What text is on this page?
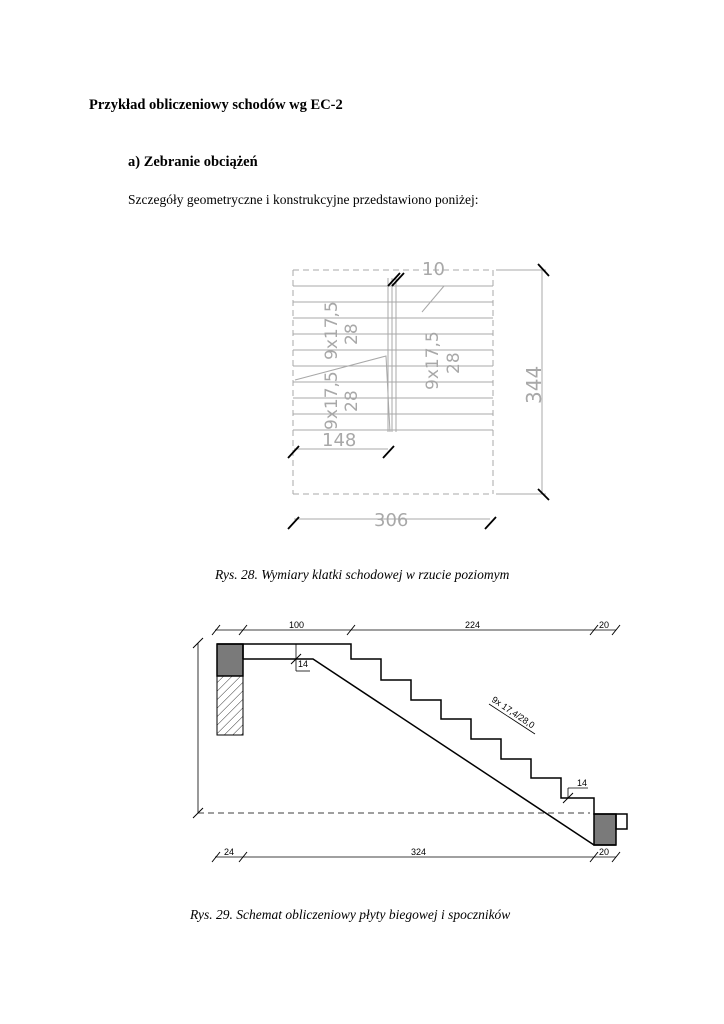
Przykład obliczeniowy schodów wg EC-2
a) Zebranie obciążeń
Szczegóły geometryczne i konstrukcyjne przedstawiono poniżej:
10
9x17,5 28
9x17,5 28
9x17,5 28
344
148
306
Rys. 28. Wymiary klatki schodowej w rzucie poziomym
100	224	20
14
9x 17,4/28,0
14
24	324	20
Rys. 29. Schemat obliczeniowy płyty biegowej i spoczników
